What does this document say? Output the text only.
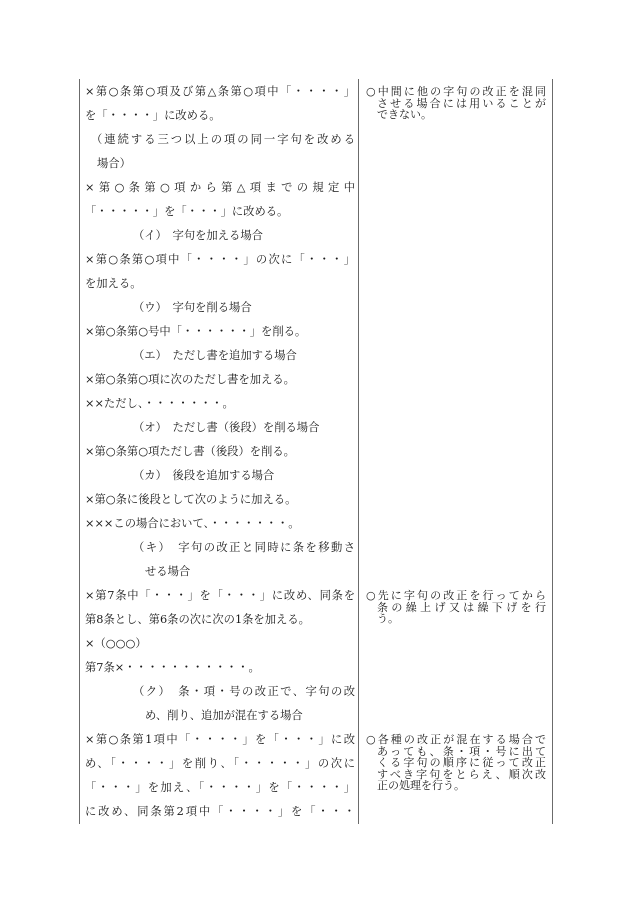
×第○条第○項及び第△条第○項中「・・・・」
を「・・・・」に改める。
（連続する三つ以上の項の同一字句を改める
場合）
×第○条第○項から第△項までの規定中
「・・・・・」を「・・・」に改める。
（イ）　字句を加える場合
×第○条第○項中「・・・・」の次に「・・・」
を加える。
（ウ）　字句を削る場合
×第○条第○号中「・・・・・・」を削る。
（エ）　ただし書を追加する場合
×第○条第○項に次のただし書を加える。
××ただし、・・・・・・・。
（オ）　ただし書（後段）を削る場合
×第○条第○項ただし書（後段）を削る。
（カ）　後段を追加する場合
×第○条に後段として次のように加える。
×××この場合において、・・・・・・・。
（キ）　字句の改正と同時に条を移動さ
せる場合
×第7条中「・・・」を「・・・」に改め、同条を
第8条とし、第6条の次に次の1条を加える。
×（○○○）
第7条×・・・・・・・・・・・。
（ク）　条・項・号の改正で、字句の改
め、削り、追加が混在する場合
×第○条第1項中「・・・・」を「・・・」に改
め、「・・・・」を削り、「・・・・・」の次に
「・・・」を加え、「・・・・」を「・・・・」
に改め、同条第2項中「・・・・」を「・・・
○中間に他の字句の改正を混同
させる場合には用いることが
できない。
○先に字句の改正を行ってから
条の繰上げ又は繰下げを行
う。
○各種の改正が混在する場合で
あっても、条・項・号に出て
くる字句の順序に従って改正
すべき字句をとらえ、順次改
正の処理を行う。
